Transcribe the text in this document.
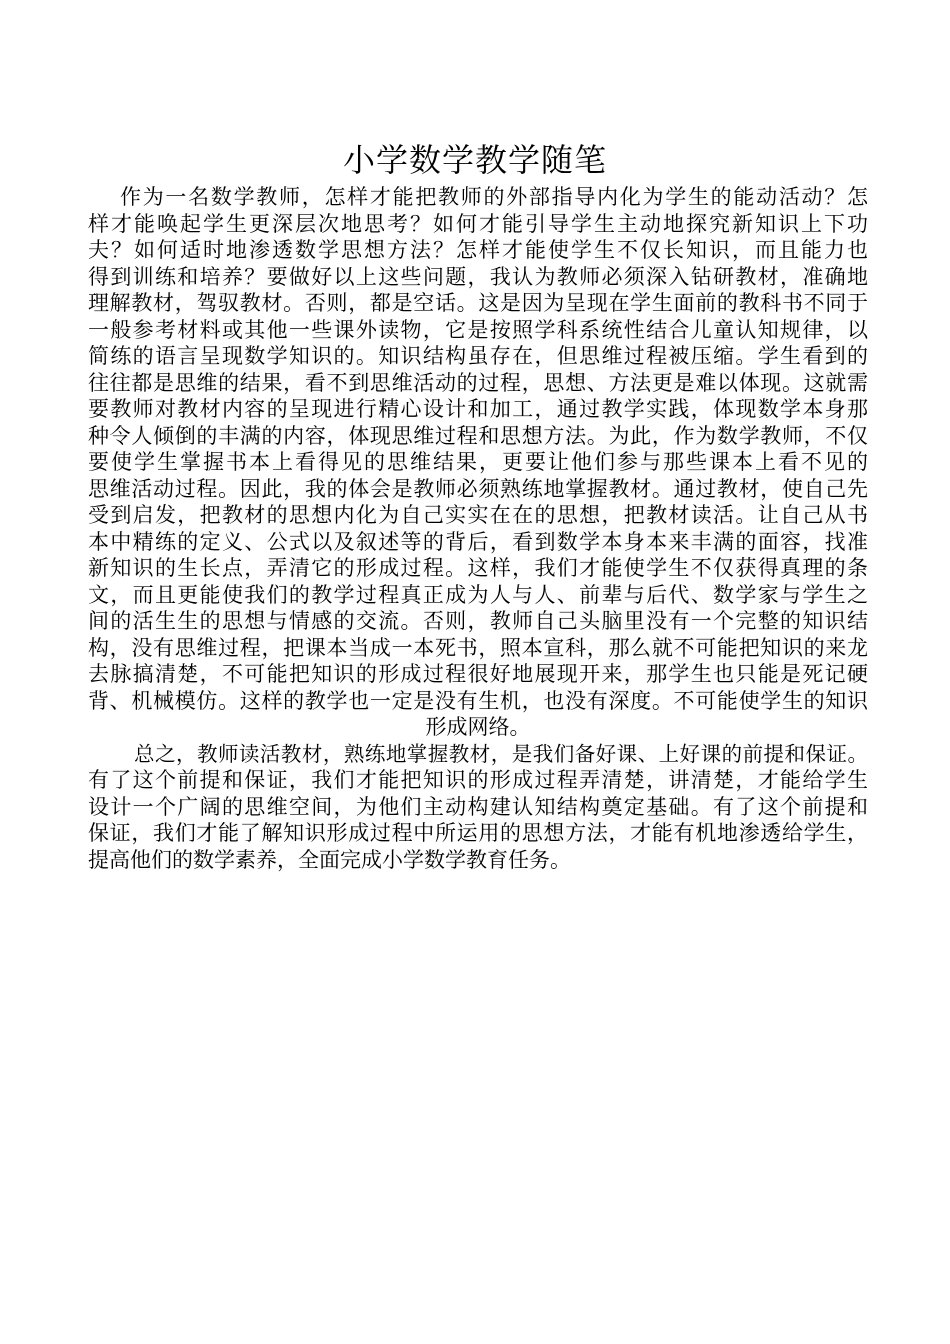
小学数学教学随笔
作为一名数学教师，怎样才能把教师的外部指导内化为学生的能动活动？怎
样才能唤起学生更深层次地思考？如何才能引导学生主动地探究新知识上下功
夫？如何适时地渗透数学思想方法？怎样才能使学生不仅长知识，而且能力也
得到训练和培养？要做好以上这些问题，我认为教师必须深入钻研教材，准确地
理解教材，驾驭教材。否则，都是空话。这是因为呈现在学生面前的教科书不同于
一般参考材料或其他一些课外读物，它是按照学科系统性结合儿童认知规律，以
简练的语言呈现数学知识的。知识结构虽存在，但思维过程被压缩。学生看到的
往往都是思维的结果，看不到思维活动的过程，思想、方法更是难以体现。这就需
要教师对教材内容的呈现进行精心设计和加工，通过教学实践，体现数学本身那
种令人倾倒的丰满的内容，体现思维过程和思想方法。为此，作为数学教师，不仅
要使学生掌握书本上看得见的思维结果，更要让他们参与那些课本上看不见的
思维活动过程。因此，我的体会是教师必须熟练地掌握教材。通过教材，使自己先
受到启发，把教材的思想内化为自己实实在在的思想，把教材读活。让自己从书
本中精练的定义、公式以及叙述等的背后，看到数学本身本来丰满的面容，找准
新知识的生长点，弄清它的形成过程。这样，我们才能使学生不仅获得真理的条
文，而且更能使我们的教学过程真正成为人与人、前辈与后代、数学家与学生之
间的活生生的思想与情感的交流。否则，教师自己头脑里没有一个完整的知识结
构，没有思维过程，把课本当成一本死书，照本宣科，那么就不可能把知识的来龙
去脉搞清楚，不可能把知识的形成过程很好地展现开来，那学生也只能是死记硬
背、机械模仿。这样的教学也一定是没有生机，也没有深度。不可能使学生的知识
形成网络。
总之，教师读活教材，熟练地掌握教材，是我们备好课、上好课的前提和保证。
有了这个前提和保证，我们才能把知识的形成过程弄清楚，讲清楚，才能给学生
设计一个广阔的思维空间，为他们主动构建认知结构奠定基础。有了这个前提和
保证，我们才能了解知识形成过程中所运用的思想方法，才能有机地渗透给学生，
提高他们的数学素养，全面完成小学数学教育任务。
